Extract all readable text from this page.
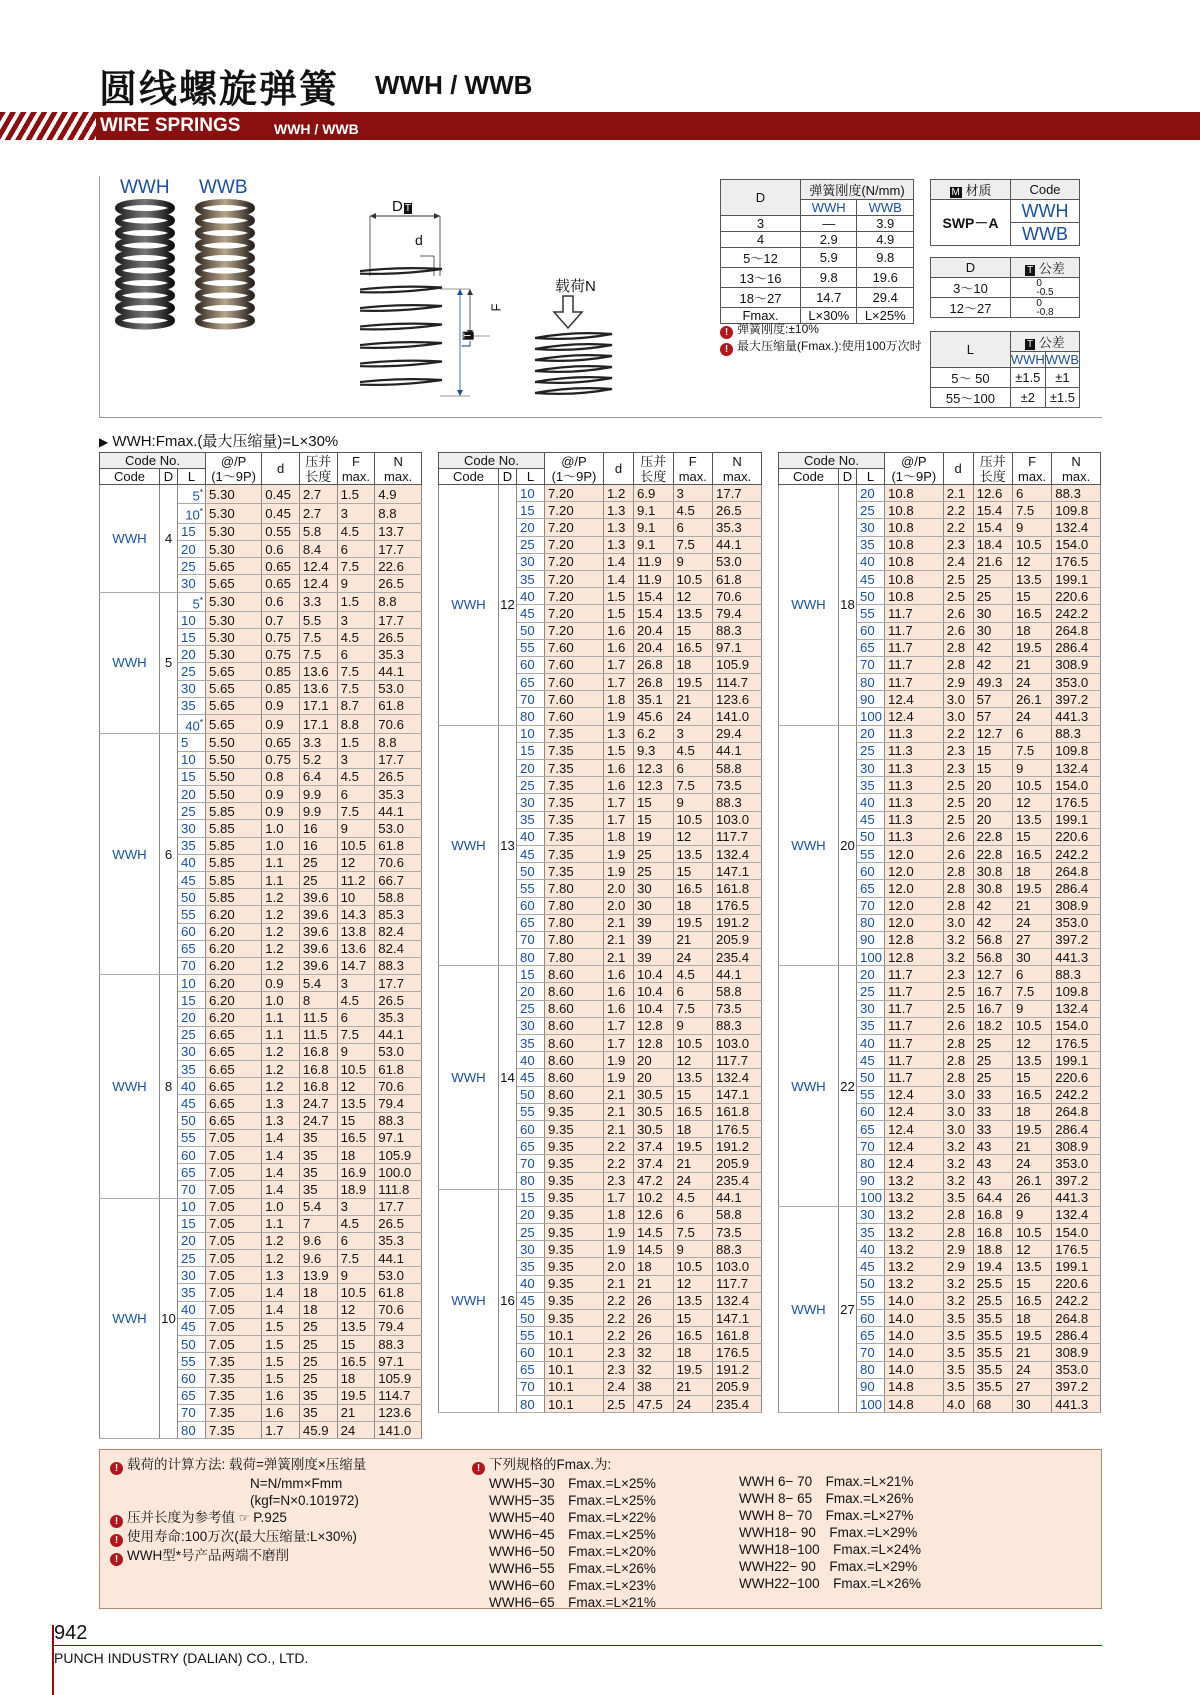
圆线螺旋弹簧 WWH / WWB
WIRE SPRINGS WWH / WWB
WWH WWB
D T
d
LT
F
载荷N
D	弹簧刚度(N/mm)	
	WWH	WWB
3	—	3.9
4	2.9	4.9
5～12	5.9	9.8
13～16	9.8	19.6
18～27	14.7	29.4
Fmax.	L×30%	L×25%
! 弹簧刚度:±10%
! 最大压缩量(Fmax.):使用100万次时
M 材质	Code
SWP－A	WWH
	WWB
D	T 公差
3～10	0
-0.5
12～27	0
-0.8
L	T 公差	
	WWH	WWB
5～ 50	±1.5	±1
55～100	±2	±1.5
▶ WWH:Fmax.(最大压缩量)=L×30%
Code No.			@/P
(1～9P)	d	压并
长度	F
max.	N
max.
Code	D	L					
WWH	4	5*	5.30	0.45	2.7	1.5	4.9
		10*	5.30	0.45	2.7	3	8.8
		15	5.30	0.55	5.8	4.5	13.7
		20	5.30	0.6	8.4	6	17.7
		25	5.65	0.65	12.4	7.5	22.6
		30	5.65	0.65	12.4	9	26.5
WWH	5	5*	5.30	0.6	3.3	1.5	8.8
		10	5.30	0.7	5.5	3	17.7
		15	5.30	0.75	7.5	4.5	26.5
		20	5.30	0.75	7.5	6	35.3
		25	5.65	0.85	13.6	7.5	44.1
		30	5.65	0.85	13.6	7.5	53.0
		35	5.65	0.9	17.1	8.7	61.8
		40*	5.65	0.9	17.1	8.8	70.6
WWH	6	5	5.50	0.65	3.3	1.5	8.8
		10	5.50	0.75	5.2	3	17.7
		15	5.50	0.8	6.4	4.5	26.5
		20	5.50	0.9	9.9	6	35.3
		25	5.85	0.9	9.9	7.5	44.1
		30	5.85	1.0	16	9	53.0
		35	5.85	1.0	16	10.5	61.8
		40	5.85	1.1	25	12	70.6
		45	5.85	1.1	25	11.2	66.7
		50	5.85	1.2	39.6	10	58.8
		55	6.20	1.2	39.6	14.3	85.3
		60	6.20	1.2	39.6	13.8	82.4
		65	6.20	1.2	39.6	13.6	82.4
		70	6.20	1.2	39.6	14.7	88.3
WWH	8	10	6.20	0.9	5.4	3	17.7
		15	6.20	1.0	8	4.5	26.5
		20	6.20	1.1	11.5	6	35.3
		25	6.65	1.1	11.5	7.5	44.1
		30	6.65	1.2	16.8	9	53.0
		35	6.65	1.2	16.8	10.5	61.8
		40	6.65	1.2	16.8	12	70.6
		45	6.65	1.3	24.7	13.5	79.4
		50	6.65	1.3	24.7	15	88.3
		55	7.05	1.4	35	16.5	97.1
		60	7.05	1.4	35	18	105.9
		65	7.05	1.4	35	16.9	100.0
		70	7.05	1.4	35	18.9	111.8
WWH	10	10	7.05	1.0	5.4	3	17.7
		15	7.05	1.1	7	4.5	26.5
		20	7.05	1.2	9.6	6	35.3
		25	7.05	1.2	9.6	7.5	44.1
		30	7.05	1.3	13.9	9	53.0
		35	7.05	1.4	18	10.5	61.8
		40	7.05	1.4	18	12	70.6
		45	7.05	1.5	25	13.5	79.4
		50	7.05	1.5	25	15	88.3
		55	7.35	1.5	25	16.5	97.1
		60	7.35	1.5	25	18	105.9
		65	7.35	1.6	35	19.5	114.7
		70	7.35	1.6	35	21	123.6
		80	7.35	1.7	45.9	24	141.0
Code No.			@/P
(1～9P)	d	压并
长度	F
max.	N
max.
Code	D	L					
WWH	12	10	7.20	1.2	6.9	3	17.7
		15	7.20	1.3	9.1	4.5	26.5
		20	7.20	1.3	9.1	6	35.3
		25	7.20	1.3	9.1	7.5	44.1
		30	7.20	1.4	11.9	9	53.0
		35	7.20	1.4	11.9	10.5	61.8
		40	7.20	1.5	15.4	12	70.6
		45	7.20	1.5	15.4	13.5	79.4
		50	7.20	1.6	20.4	15	88.3
		55	7.60	1.6	20.4	16.5	97.1
		60	7.60	1.7	26.8	18	105.9
		65	7.60	1.7	26.8	19.5	114.7
		70	7.60	1.8	35.1	21	123.6
		80	7.60	1.9	45.6	24	141.0
WWH	13	10	7.35	1.3	6.2	3	29.4
		15	7.35	1.5	9.3	4.5	44.1
		20	7.35	1.6	12.3	6	58.8
		25	7.35	1.6	12.3	7.5	73.5
		30	7.35	1.7	15	9	88.3
		35	7.35	1.7	15	10.5	103.0
		40	7.35	1.8	19	12	117.7
		45	7.35	1.9	25	13.5	132.4
		50	7.35	1.9	25	15	147.1
		55	7.80	2.0	30	16.5	161.8
		60	7.80	2.0	30	18	176.5
		65	7.80	2.1	39	19.5	191.2
		70	7.80	2.1	39	21	205.9
		80	7.80	2.1	39	24	235.4
WWH	14	15	8.60	1.6	10.4	4.5	44.1
		20	8.60	1.6	10.4	6	58.8
		25	8.60	1.6	10.4	7.5	73.5
		30	8.60	1.7	12.8	9	88.3
		35	8.60	1.7	12.8	10.5	103.0
		40	8.60	1.9	20	12	117.7
		45	8.60	1.9	20	13.5	132.4
		50	8.60	2.1	30.5	15	147.1
		55	9.35	2.1	30.5	16.5	161.8
		60	9.35	2.1	30.5	18	176.5
		65	9.35	2.2	37.4	19.5	191.2
		70	9.35	2.2	37.4	21	205.9
		80	9.35	2.3	47.2	24	235.4
WWH	16	15	9.35	1.7	10.2	4.5	44.1
		20	9.35	1.8	12.6	6	58.8
		25	9.35	1.9	14.5	7.5	73.5
		30	9.35	1.9	14.5	9	88.3
		35	9.35	2.0	18	10.5	103.0
		40	9.35	2.1	21	12	117.7
		45	9.35	2.2	26	13.5	132.4
		50	9.35	2.2	26	15	147.1
		55	10.1	2.2	26	16.5	161.8
		60	10.1	2.3	32	18	176.5
		65	10.1	2.3	32	19.5	191.2
		70	10.1	2.4	38	21	205.9
		80	10.1	2.5	47.5	24	235.4
Code No.			@/P
(1～9P)	d	压并
长度	F
max.	N
max.
Code	D	L					
WWH	18	20	10.8	2.1	12.6	6	88.3
		25	10.8	2.2	15.4	7.5	109.8
		30	10.8	2.2	15.4	9	132.4
		35	10.8	2.3	18.4	10.5	154.0
		40	10.8	2.4	21.6	12	176.5
		45	10.8	2.5	25	13.5	199.1
		50	10.8	2.5	25	15	220.6
		55	11.7	2.6	30	16.5	242.2
		60	11.7	2.6	30	18	264.8
		65	11.7	2.8	42	19.5	286.4
		70	11.7	2.8	42	21	308.9
		80	11.7	2.9	49.3	24	353.0
		90	12.4	3.0	57	26.1	397.2
		100	12.4	3.0	57	24	441.3
WWH	20	20	11.3	2.2	12.7	6	88.3
		25	11.3	2.3	15	7.5	109.8
		30	11.3	2.3	15	9	132.4
		35	11.3	2.5	20	10.5	154.0
		40	11.3	2.5	20	12	176.5
		45	11.3	2.5	20	13.5	199.1
		50	11.3	2.6	22.8	15	220.6
		55	12.0	2.6	22.8	16.5	242.2
		60	12.0	2.8	30.8	18	264.8
		65	12.0	2.8	30.8	19.5	286.4
		70	12.0	2.8	42	21	308.9
		80	12.0	3.0	42	24	353.0
		90	12.8	3.2	56.8	27	397.2
		100	12.8	3.2	56.8	30	441.3
WWH	22	20	11.7	2.3	12.7	6	88.3
		25	11.7	2.5	16.7	7.5	109.8
		30	11.7	2.5	16.7	9	132.4
		35	11.7	2.6	18.2	10.5	154.0
		40	11.7	2.8	25	12	176.5
		45	11.7	2.8	25	13.5	199.1
		50	11.7	2.8	25	15	220.6
		55	12.4	3.0	33	16.5	242.2
		60	12.4	3.0	33	18	264.8
		65	12.4	3.0	33	19.5	286.4
		70	12.4	3.2	43	21	308.9
		80	12.4	3.2	43	24	353.0
		90	13.2	3.2	43	26.1	397.2
		100	13.2	3.5	64.4	26	441.3
WWH	27	30	13.2	2.8	16.8	9	132.4
		35	13.2	2.8	16.8	10.5	154.0
		40	13.2	2.9	18.8	12	176.5
		45	13.2	2.9	19.4	13.5	199.1
		50	13.2	3.2	25.5	15	220.6
		55	14.0	3.2	25.5	16.5	242.2
		60	14.0	3.5	35.5	18	264.8
		65	14.0	3.5	35.5	19.5	286.4
		70	14.0	3.5	35.5	21	308.9
		80	14.0	3.5	35.5	24	353.0
		90	14.8	3.5	35.5	27	397.2
		100	14.8	4.0	68	30	441.3
! 载荷的计算方法: 载荷=弹簧刚度×压缩量
N=N/mm×Fmm
(kgf=N×0.101972)
! 压并长度为参考值 ☞ P.925
! 使用寿命:100万次(最大压缩量:L×30%)
! WWH型*号产品两端不磨削
! 下列规格的Fmax.为:
WWH5−30　Fmax.=L×25%
WWH5−35　Fmax.=L×25%
WWH5−40　Fmax.=L×22%
WWH6−45　Fmax.=L×25%
WWH6−50　Fmax.=L×20%
WWH6−55　Fmax.=L×26%
WWH6−60　Fmax.=L×23%
WWH6−65　Fmax.=L×21%
WWH 6− 70　Fmax.=L×21%
WWH 8− 65　Fmax.=L×26%
WWH 8− 70　Fmax.=L×27%
WWH18− 90　Fmax.=L×29%
WWH18−100　Fmax.=L×24%
WWH22− 90　Fmax.=L×29%
WWH22−100　Fmax.=L×26%
942
PUNCH INDUSTRY (DALIAN) CO., LTD.
